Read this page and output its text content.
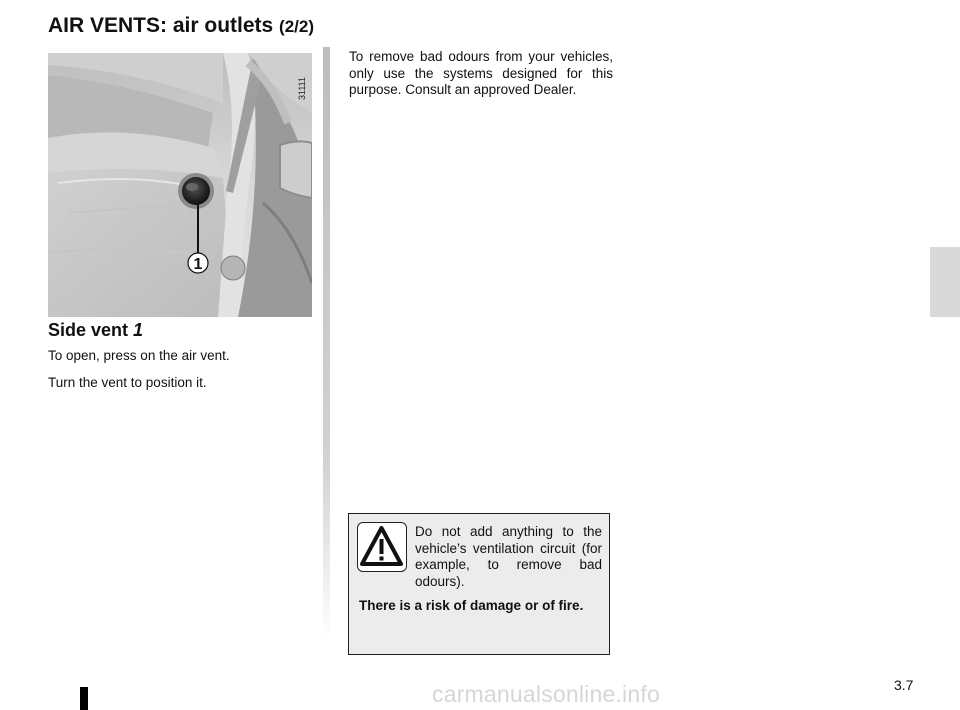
AIR VENTS: air outlets (2/2)
1
31111
Side vent 1

To open, press on the air vent.

Turn the vent to position it.

To remove bad odours from your vehicles, only use the systems designed for this purpose. Consult an approved Dealer.

Do not add anything to the vehicle’s ventilation circuit (for example, to remove bad odours).

There is a risk of damage or of fire.

3.7
carmanualsonline.info
